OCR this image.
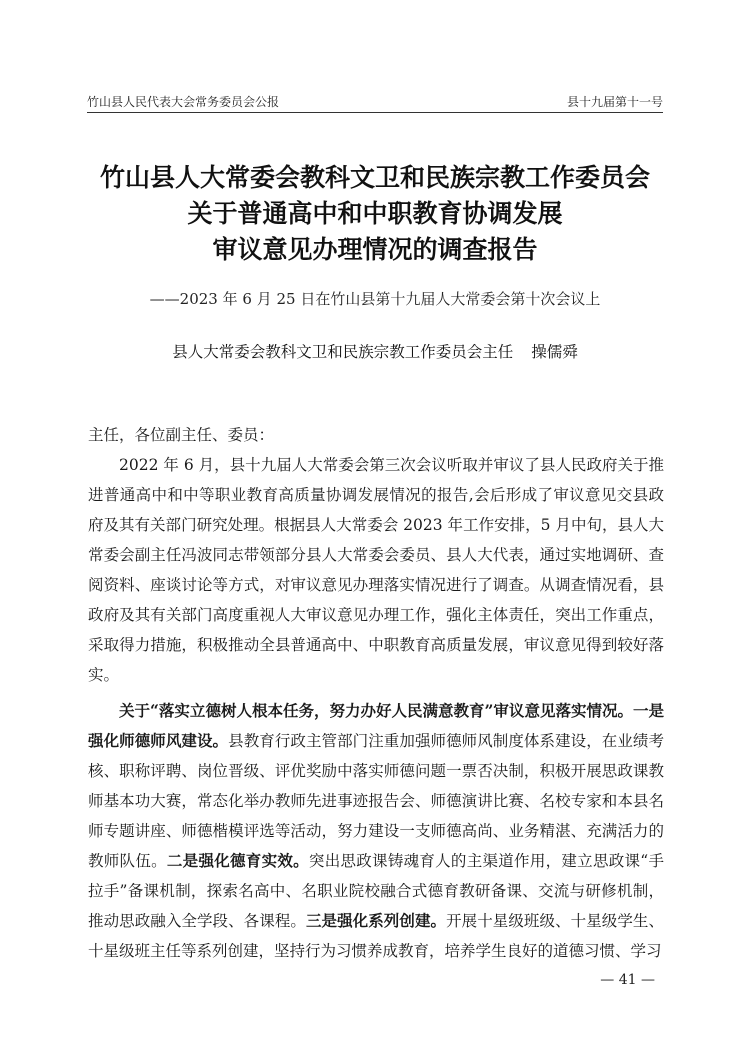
竹山县人民代表大会常务委员会公报	县十九届第十一号
竹山县人大常委会教科文卫和民族宗教工作委员会
关于普通高中和中职教育协调发展
审议意见办理情况的调查报告
——2023 年 6 月 25 日在竹山县第十九届人大常委会第十次会议上
县人大常委会教科文卫和民族宗教工作委员会主任 操儒舜

主任，各位副主任、委员：

2022 年 6 月，县十九届人大常委会第三次会议听取并审议了县人民政府关于推进普通高中和中等职业教育高质量协调发展情况的报告,会后形成了审议意见交县政府及其有关部门研究处理。根据县人大常委会 2023 年工作安排，5 月中旬，县人大常委会副主任冯波同志带领部分县人大常委会委员、县人大代表，通过实地调研、查阅资料、座谈讨论等方式，对审议意见办理落实情况进行了调查。从调查情况看，县政府及其有关部门高度重视人大审议意见办理工作，强化主体责任，突出工作重点，采取得力措施，积极推动全县普通高中、中职教育高质量发展，审议意见得到较好落实。

关于“落实立德树人根本任务，努力办好人民满意教育”审议意见落实情况。一是强化师德师风建设。县教育行政主管部门注重加强师德师风制度体系建设，在业绩考核、职称评聘、岗位晋级、评优奖励中落实师德问题一票否决制，积极开展思政课教师基本功大赛，常态化举办教师先进事迹报告会、师德演讲比赛、名校专家和本县名师专题讲座、师德楷模评选等活动，努力建设一支师德高尚、业务精湛、充满活力的教师队伍。二是强化德育实效。突出思政课铸魂育人的主渠道作用，建立思政课“手拉手”备课机制，探索名高中、名职业院校融合式德育教研备课、交流与研修机制，推动思政融入全学段、各课程。三是强化系列创建。开展十星级班级、十星级学生、十星级班主任等系列创建，坚持行为习惯养成教育，培养学生良好的道德习惯、学习

— 41 —
